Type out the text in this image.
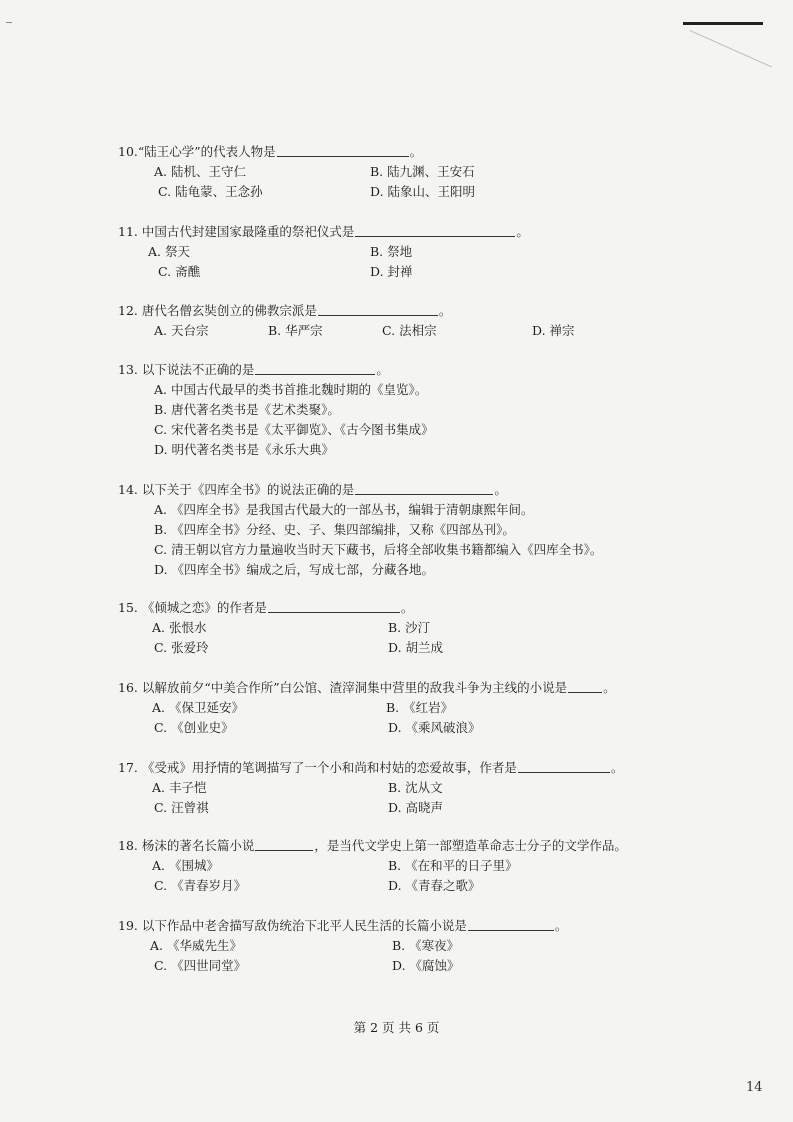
10.“陆王心学”的代表人物是	。
A. 陆机、王守仁	B. 陆九渊、王安石
C. 陆龟蒙、王念孙	D. 陆象山、王阳明
11. 中国古代封建国家最隆重的祭祀仪式是	。
A. 祭天	B. 祭地
C. 斋醮	D. 封禅
12. 唐代名僧玄奘创立的佛教宗派是	。
A. 天台宗	B. 华严宗	C. 法相宗	D. 禅宗
13. 以下说法不正确的是	。
A. 中国古代最早的类书首推北魏时期的《皇览》。
B. 唐代著名类书是《艺术类聚》。
C. 宋代著名类书是《太平御览》、《古今图书集成》
D. 明代著名类书是《永乐大典》
14. 以下关于《四库全书》的说法正确的是	。
A. 《四库全书》是我国古代最大的一部丛书，编辑于清朝康熙年间。
B. 《四库全书》分经、史、子、集四部编排，又称《四部丛刊》。
C. 清王朝以官方力量遍收当时天下藏书，后将全部收集书籍都编入《四库全书》。
D. 《四库全书》编成之后，写成七部，分藏各地。
15. 《倾城之恋》的作者是	。
A. 张恨水	B. 沙汀
C. 张爱玲	D. 胡兰成
16. 以解放前夕“中美合作所”白公馆、渣滓洞集中营里的敌我斗争为主线的小说是	。
A. 《保卫延安》	B. 《红岩》
C. 《创业史》	D. 《乘风破浪》
17. 《受戒》用抒情的笔调描写了一个小和尚和村姑的恋爱故事，作者是	。
A. 丰子恺	B. 沈从文
C. 汪曾祺	D. 高晓声
18. 杨沫的著名长篇小说	，是当代文学史上第一部塑造革命志士分子的文学作品。
A. 《围城》	B. 《在和平的日子里》
C. 《青春岁月》	D. 《青春之歌》
19. 以下作品中老舍描写敌伪统治下北平人民生活的长篇小说是	。
A. 《华威先生》	B. 《寒夜》
C. 《四世同堂》	D. 《腐蚀》
第 2 页 共 6 页
14
